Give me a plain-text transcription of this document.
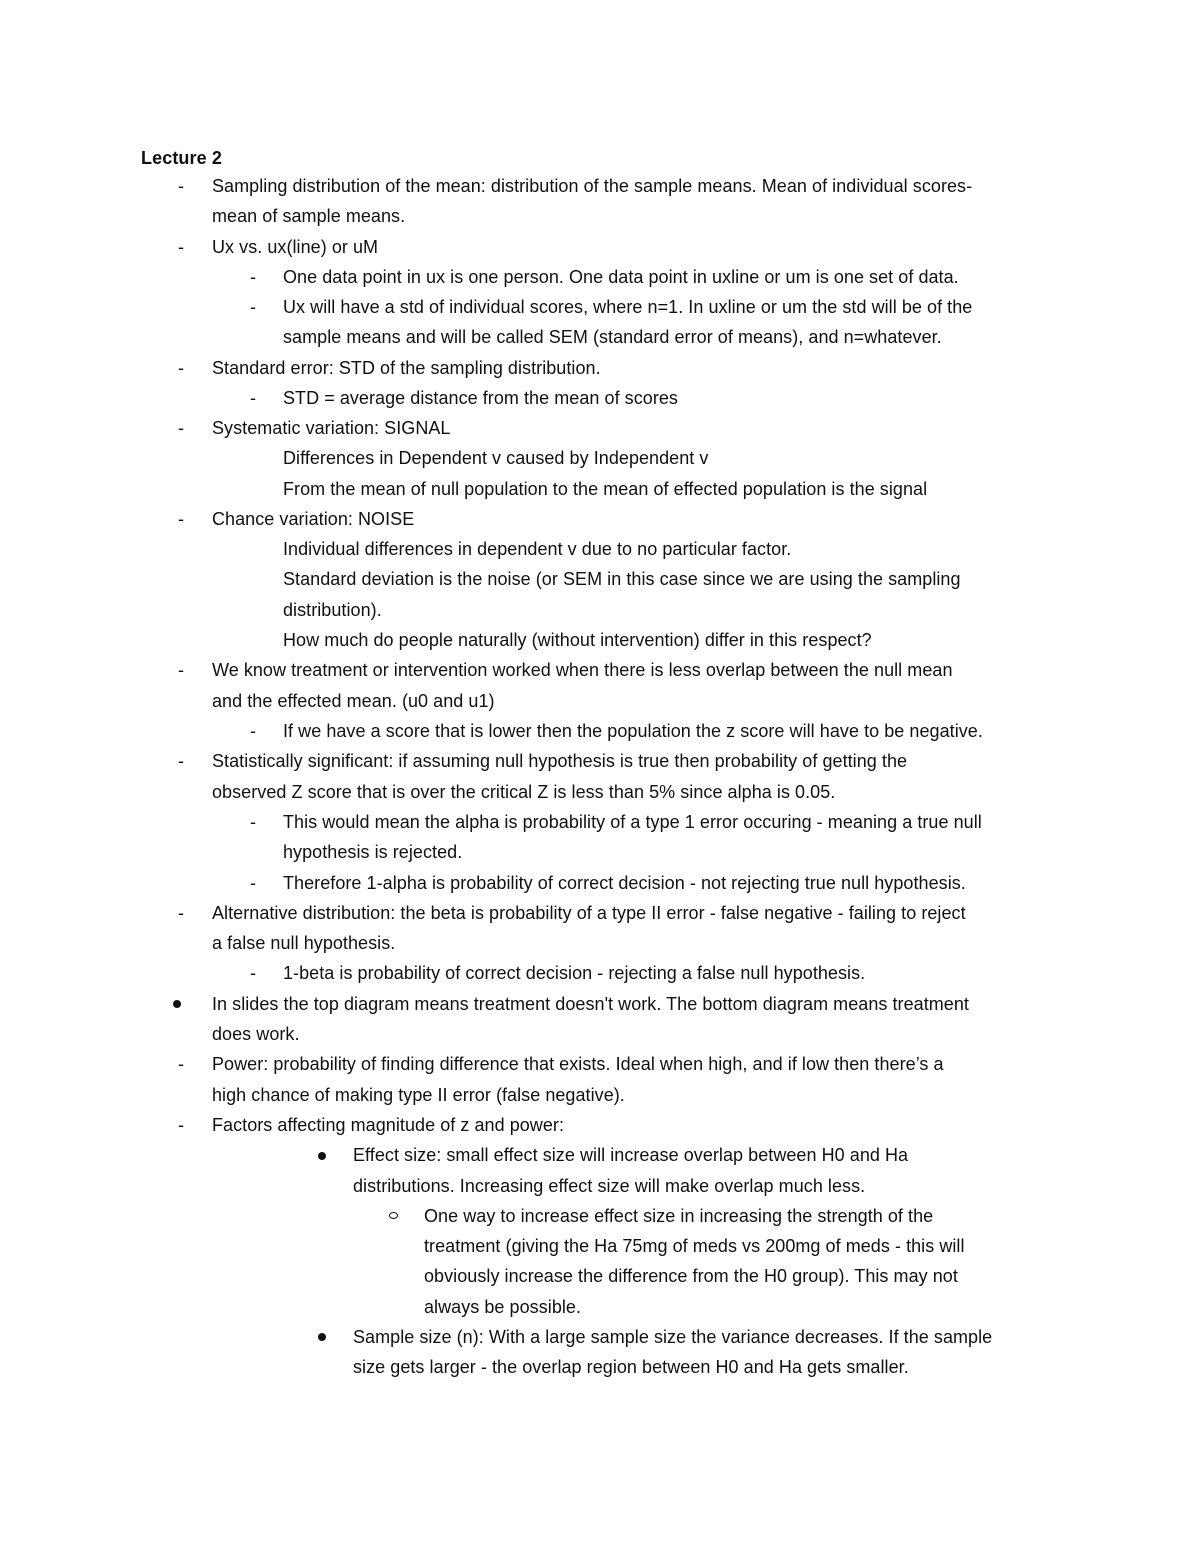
Lecture 2
- Sampling distribution of the mean: distribution of the sample means. Mean of individual scores-
mean of sample means.
- Ux vs. ux(line) or uM
- One data point in ux is one person. One data point in uxline or um is one set of data.
- Ux will have a std of individual scores, where n=1. In uxline or um the std will be of the
sample means and will be called SEM (standard error of means), and n=whatever.
- Standard error: STD of the sampling distribution.
- STD = average distance from the mean of scores
- Systematic variation: SIGNAL
Differences in Dependent v caused by Independent v
From the mean of null population to the mean of effected population is the signal
- Chance variation: NOISE
Individual differences in dependent v due to no particular factor.
Standard deviation is the noise (or SEM in this case since we are using the sampling
distribution).
How much do people naturally (without intervention) differ in this respect?
- We know treatment or intervention worked when there is less overlap between the null mean
and the effected mean. (u0 and u1)
- If we have a score that is lower then the population the z score will have to be negative.
- Statistically significant: if assuming null hypothesis is true then probability of getting the
observed Z score that is over the critical Z is less than 5% since alpha is 0.05.
- This would mean the alpha is probability of a type 1 error occuring - meaning a true null
hypothesis is rejected.
- Therefore 1-alpha is probability of correct decision - not rejecting true null hypothesis.
- Alternative distribution: the beta is probability of a type II error - false negative - failing to reject
a false null hypothesis.
- 1-beta is probability of correct decision - rejecting a false null hypothesis.
In slides the top diagram means treatment doesn't work. The bottom diagram means treatment
does work.
- Power: probability of finding difference that exists. Ideal when high, and if low then there’s a
high chance of making type II error (false negative).
- Factors affecting magnitude of z and power:
Effect size: small effect size will increase overlap between H0 and Ha
distributions. Increasing effect size will make overlap much less.
One way to increase effect size in increasing the strength of the
treatment (giving the Ha 75mg of meds vs 200mg of meds - this will
obviously increase the difference from the H0 group). This may not
always be possible.
Sample size (n): With a large sample size the variance decreases. If the sample
size gets larger - the overlap region between H0 and Ha gets smaller.
